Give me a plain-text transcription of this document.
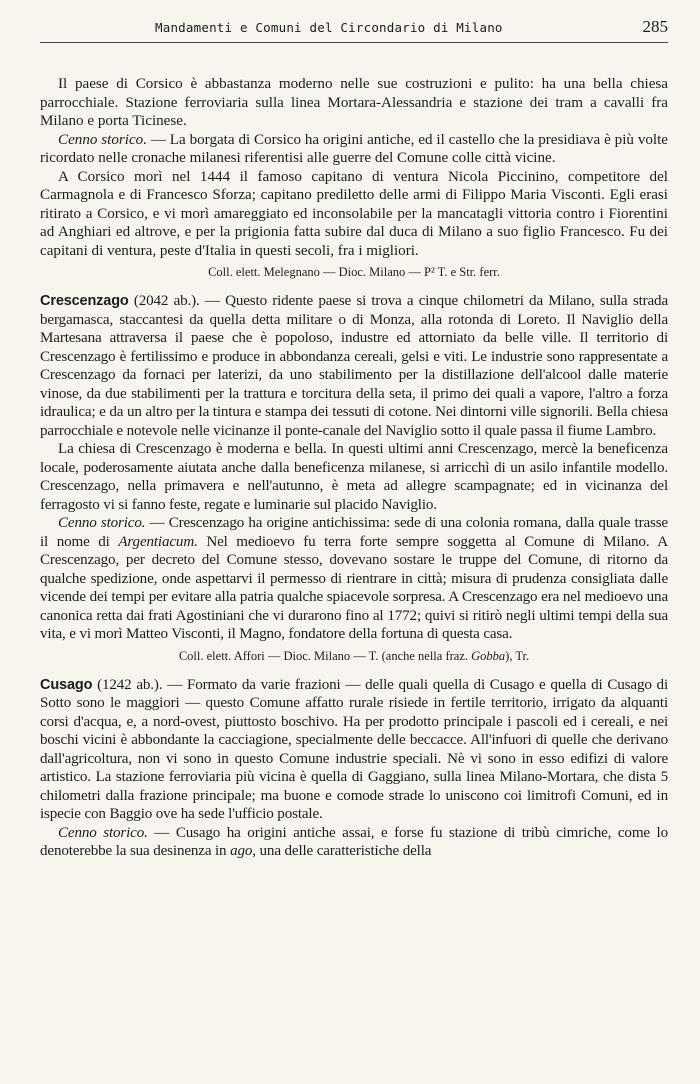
Mandamenti e Comuni del Circondario di Milano	285

Il paese di Corsico è abbastanza moderno nelle sue costruzioni e pulito: ha una bella chiesa parrocchiale. Stazione ferroviaria sulla linea Mortara-Alessandria e stazione dei tram a cavalli fra Milano e porta Ticinese.

Cenno storico. — La borgata di Corsico ha origini antiche, ed il castello che la presidiava è più volte ricordato nelle cronache milanesi riferentisi alle guerre del Comune colle città vicine.

A Corsico morì nel 1444 il famoso capitano di ventura Nicola Piccinino, competitore del Carmagnola e di Francesco Sforza; capitano prediletto delle armi di Filippo Maria Visconti. Egli erasi ritirato a Corsico, e vi morì amareggiato ed inconsolabile per la mancatagli vittoria contro i Fiorentini ad Anghiari ed altrove, e per la prigionia fatta subire dal duca di Milano a suo figlio Francesco. Fu dei capitani di ventura, peste d'Italia in questi secoli, fra i migliori.

Coll. elett. Melegnano — Dioc. Milano — P² T. e Str. ferr.

Crescenzago (2042 ab.). — Questo ridente paese si trova a cinque chilometri da Milano, sulla strada bergamasca, staccantesi da quella detta militare o di Monza, alla rotonda di Loreto. Il Naviglio della Martesana attraversa il paese che è popoloso, industre ed attorniato da belle ville. Il territorio di Crescenzago è fertilissimo e produce in abbondanza cereali, gelsi e viti. Le industrie sono rappresentate a Crescenzago da fornaci per laterizi, da uno stabilimento per la distillazione dell'alcool dalle materie vinose, da due stabilimenti per la trattura e torcitura della seta, il primo dei quali a vapore, l'altro a forza idraulica; e da un altro per la tintura e stampa dei tessuti di cotone. Nei dintorni ville signorili. Bella chiesa parrocchiale e notevole nelle vicinanze il ponte-canale del Naviglio sotto il quale passa il fiume Lambro.

La chiesa di Crescenzago è moderna e bella. In questi ultimi anni Crescenzago, mercè la beneficenza locale, poderosamente aiutata anche dalla beneficenza milanese, si arricchì di un asilo infantile modello. Crescenzago, nella primavera e nell'autunno, è meta ad allegre scampagnate; ed in vicinanza del ferragosto vi si fanno feste, regate e luminarie sul placido Naviglio.

Cenno storico. — Crescenzago ha origine antichissima: sede di una colonia romana, dalla quale trasse il nome di Argentiacum. Nel medioevo fu terra forte sempre soggetta al Comune di Milano. A Crescenzago, per decreto del Comune stesso, dovevano sostare le truppe del Comune, di ritorno da qualche spedizione, onde aspettarvi il permesso di rientrare in città; misura di prudenza consigliata dalle vicende dei tempi per evitare alla patria qualche spiacevole sorpresa. A Crescenzago era nel medioevo una canonica retta dai frati Agostiniani che vi durarono fino al 1772; quivi si ritirò negli ultimi tempi della sua vita, e vi morì Matteo Visconti, il Magno, fondatore della fortuna di questa casa.

Coll. elett. Affori — Dioc. Milano — T. (anche nella fraz. Gobba), Tr.

Cusago (1242 ab.). — Formato da varie frazioni — delle quali quella di Cusago e quella di Cusago di Sotto sono le maggiori — questo Comune affatto rurale risiede in fertile territorio, irrigato da alquanti corsi d'acqua, e, a nord-ovest, piuttosto boschivo. Ha per prodotto principale i pascoli ed i cereali, e nei boschi vicini è abbondante la cacciagione, specialmente delle beccacce. All'infuori di quelle che derivano dall'agricoltura, non vi sono in questo Comune industrie speciali. Nè vi sono in esso edifizi di valore artistico. La stazione ferroviaria più vicina è quella di Gaggiano, sulla linea Milano-Mortara, che dista 5 chilometri dalla frazione principale; ma buone e comode strade lo uniscono coi limitrofi Comuni, ed in ispecie con Baggio ove ha sede l'ufficio postale.

Cenno storico. — Cusago ha origini antiche assai, e forse fu stazione di tribù cimriche, come lo denoterebbe la sua desinenza in ago, una delle caratteristiche della
